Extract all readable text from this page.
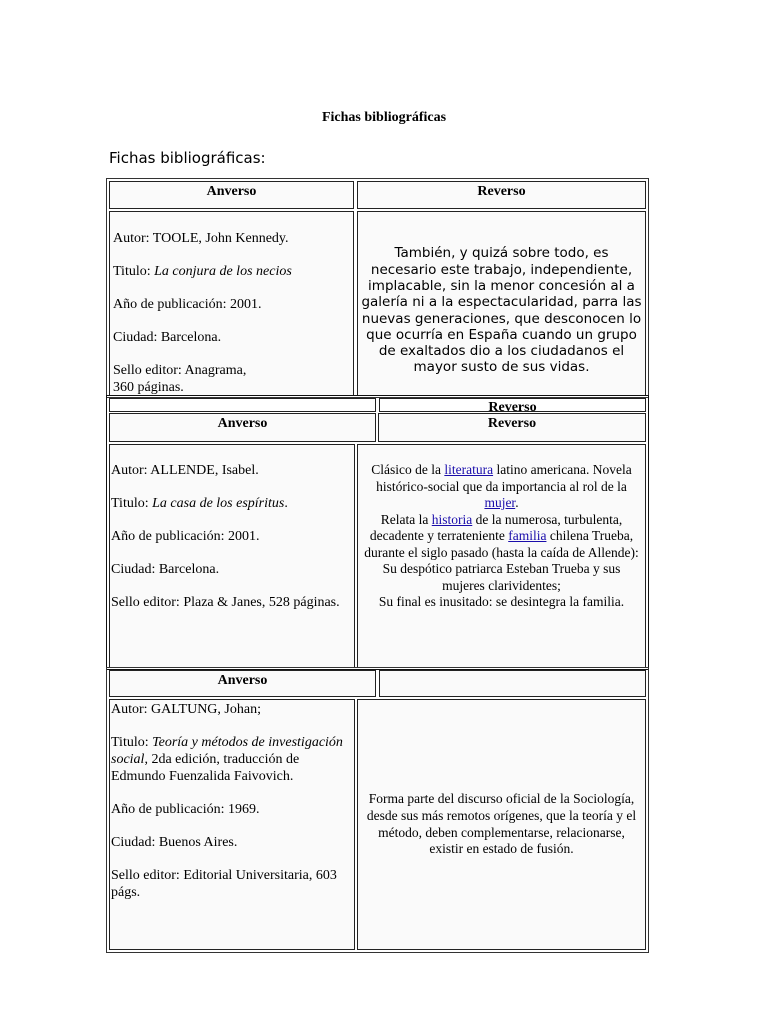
Fichas bibliográficas
Fichas bibliográficas:
Anverso	Reverso

Autor: TOOLE, John Kennedy.

Titulo: La conjura de los necios

Año de publicación: 2001.

Ciudad: Barcelona.

Sello editor: Anagrama,
360 páginas.

También, y quizá sobre todo, es necesario este trabajo, independiente, implacable, sin la menor concesión al a galería ni a la espectacularidad, parra las nuevas generaciones, que desconocen lo que ocurría en España cuando un grupo de exaltados dio a los ciudadanos el mayor susto de sus vidas.
Reverso
Anverso	Reverso

Autor: ALLENDE, Isabel.

Titulo: La casa de los espíritus.

Año de publicación: 2001.

Ciudad: Barcelona.

Sello editor: Plaza & Janes, 528 páginas.

Clásico de la literatura latino americana. Novela histórico-social que da importancia al rol de la mujer.
Relata la historia de la numerosa, turbulenta, decadente y terrateniente familia chilena Trueba, durante el siglo pasado (hasta la caída de Allende):
Su despótico patriarca Esteban Trueba y sus mujeres clarividentes;
Su final es inusitado: se desintegra la familia.
Anverso

Autor: GALTUNG, Johan;

Titulo: Teoría y métodos de investigación social, 2da edición, traducción de Edmundo Fuenzalida Faivovich.

Año de publicación: 1969.

Ciudad: Buenos Aires.

Sello editor: Editorial Universitaria, 603 págs.

Forma parte del discurso oficial de la Sociología, desde sus más remotos orígenes, que la teoría y el método, deben complementarse, relacionarse, existir en estado de fusión.
